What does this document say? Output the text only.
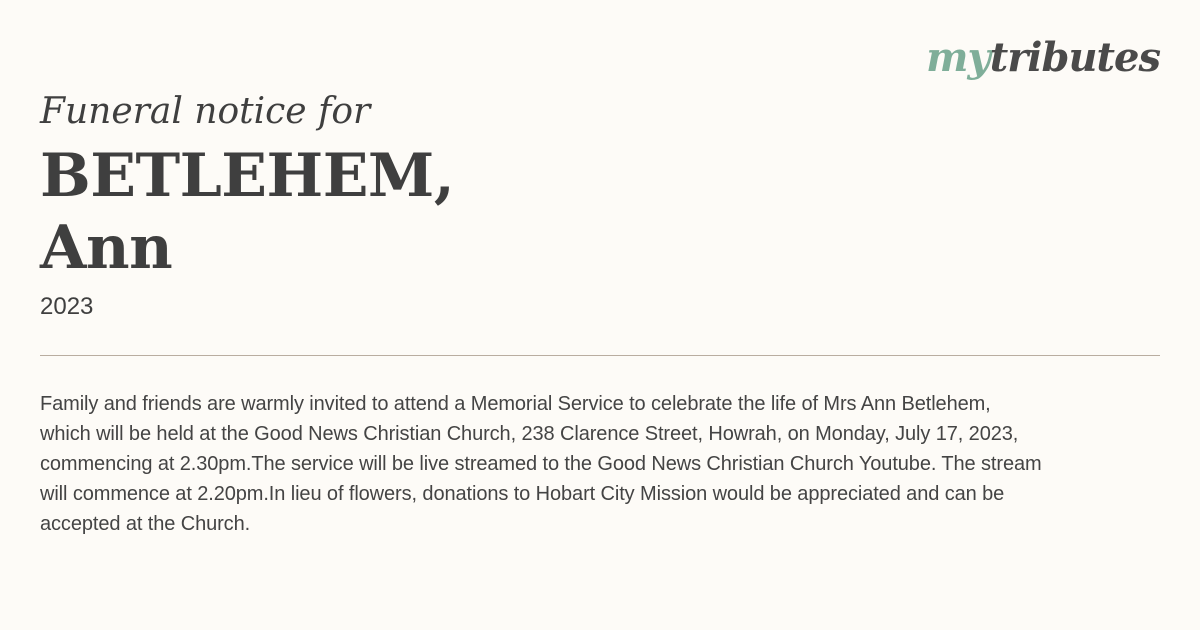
mytributes

Funeral notice for

BETLEHEM,
Ann

2023

Family and friends are warmly invited to attend a Memorial Service to celebrate the life of Mrs Ann Betlehem,
which will be held at the Good News Christian Church, 238 Clarence Street, Howrah, on Monday, July 17, 2023,
commencing at 2.30pm.The service will be live streamed to the Good News Christian Church Youtube. The stream
will commence at 2.20pm.In lieu of flowers, donations to Hobart City Mission would be appreciated and can be
accepted at the Church.
